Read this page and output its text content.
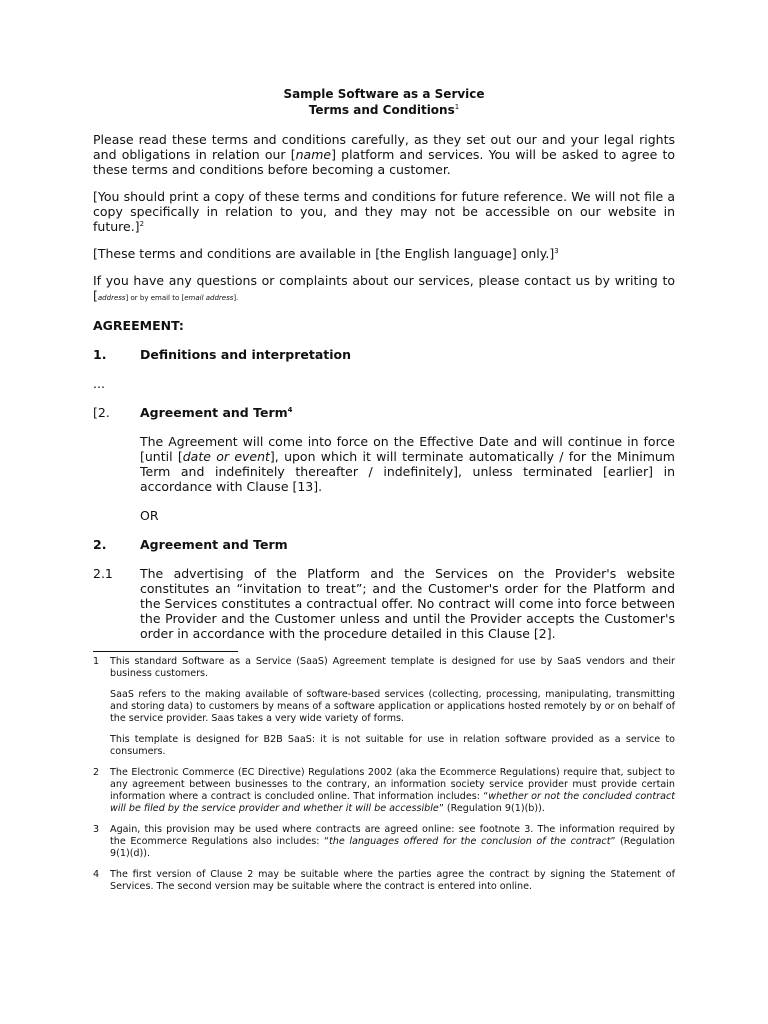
Sample Software as a Service
Terms and Conditions$^1$

Please read these terms and conditions carefully, as they set out our and your legal rights and obligations in relation our [name] platform and services. You will be asked to agree to these terms and conditions before becoming a customer.

[You should print a copy of these terms and conditions for future reference. We will not file a copy specifically in relation to you, and they may not be accessible on our website in future.]$^2$

[These terms and conditions are available in [the English language] only.]$^3$

If you have any questions or complaints about our services, please contact us by writing to [address] or by email to [email address].

AGREEMENT:

1.	Definitions and interpretation

...

[2.	Agreement and Term$^4$

The Agreement will come into force on the Effective Date and will continue in force [until [date or event], upon which it will terminate automatically / for the Minimum Term and indefinitely thereafter / indefinitely], unless terminated [earlier] in accordance with Clause [13].

OR

2.	Agreement and Term
2.1	The advertising of the Platform and the Services on the Provider's website constitutes an “invitation to treat”; and the Customer's order for the Platform and the Services constitutes a contractual offer. No contract will come into force between the Provider and the Customer unless and until the Provider accepts the Customer's order in accordance with the procedure detailed in this Clause [2].
1	This standard Software as a Service (SaaS) Agreement template is designed for use by SaaS vendors and their business customers.

SaaS refers to the making available of software-based services (collecting, processing, manipulating, transmitting and storing data) to customers by means of a software application or applications hosted remotely by or on behalf of the service provider. Saas takes a very wide variety of forms.

This template is designed for B2B SaaS: it is not suitable for use in relation software provided as a service to consumers.

2	The Electronic Commerce (EC Directive) Regulations 2002 (aka the Ecommerce Regulations) require that, subject to any agreement between businesses to the contrary, an information society service provider must provide certain information where a contract is concluded online. That information includes: “whether or not the concluded contract will be filed by the service provider and whether it will be accessible” (Regulation 9(1)(b)).
3	Again, this provision may be used where contracts are agreed online: see footnote 3. The information required by the Ecommerce Regulations also includes: “the languages offered for the conclusion of the contract” (Regulation 9(1)(d)).
4	The first version of Clause 2 may be suitable where the parties agree the contract by signing the Statement of Services. The second version may be suitable where the contract is entered into online.
